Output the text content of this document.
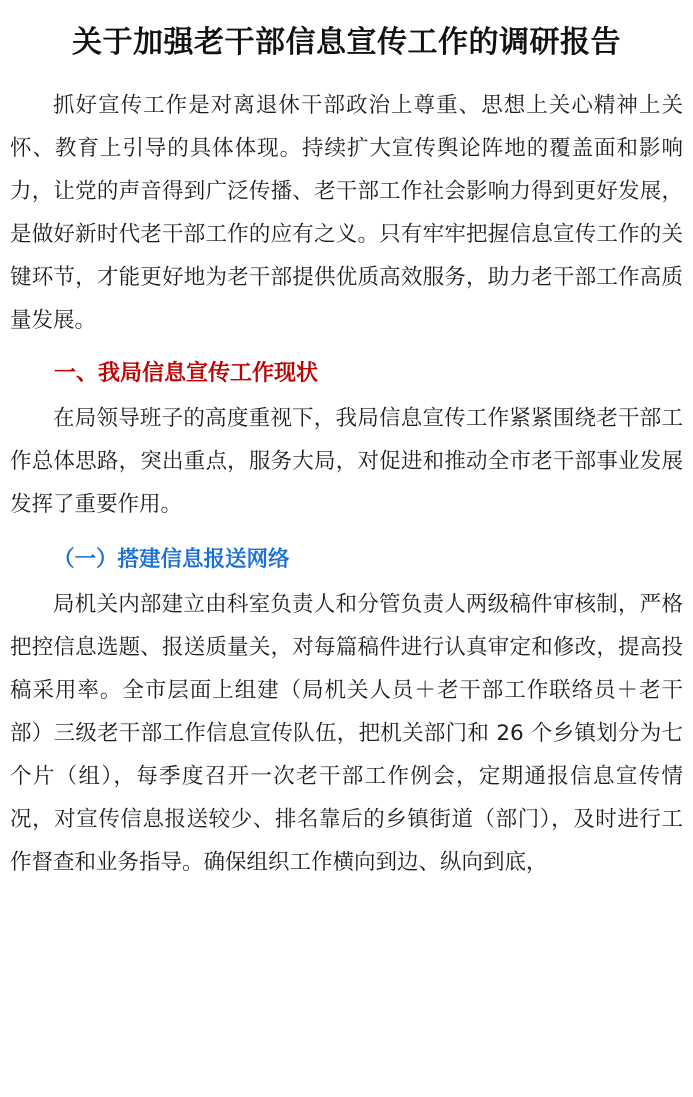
关于加强老干部信息宣传工作的调研报告

抓好宣传工作是对离退休干部政治上尊重、思想上关心精神上关怀、教育上引导的具体体现。持续扩大宣传舆论阵地的覆盖面和影响力，让党的声音得到广泛传播、老干部工作社会影响力得到更好发展，是做好新时代老干部工作的应有之义。只有牢牢把握信息宣传工作的关键环节，才能更好地为老干部提供优质高效服务，助力老干部工作高质量发展。

一、我局信息宣传工作现状

在局领导班子的高度重视下，我局信息宣传工作紧紧围绕老干部工作总体思路，突出重点，服务大局，对促进和推动全市老干部事业发展发挥了重要作用。

（一）搭建信息报送网络

局机关内部建立由科室负责人和分管负责人两级稿件审核制，严格把控信息选题、报送质量关，对每篇稿件进行认真审定和修改，提高投稿采用率。全市层面上组建（局机关人员＋老干部工作联络员＋老干部）三级老干部工作信息宣传队伍，把机关部门和 26 个乡镇划分为七个片（组），每季度召开一次老干部工作例会，定期通报信息宣传情况，对宣传信息报送较少、排名靠后的乡镇街道（部门），及时进行工作督查和业务指导。确保组织工作横向到边、纵向到底，
